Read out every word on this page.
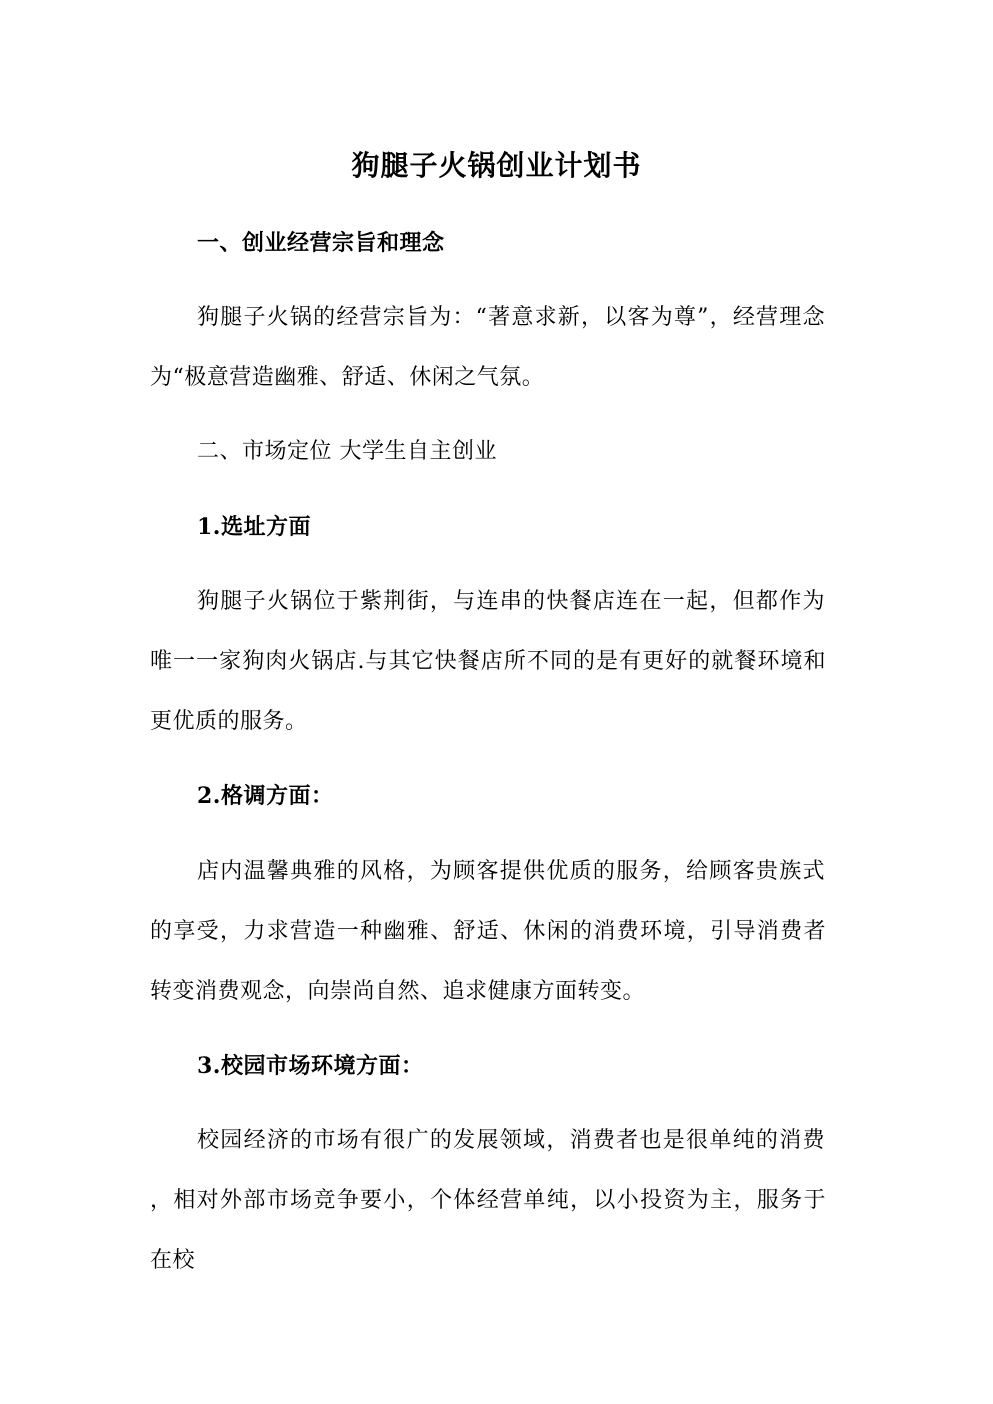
狗腿子火锅创业计划书
一、创业经营宗旨和理念
狗腿子火锅的经营宗旨为：“著意求新，以客为尊”，经营理念
为“极意营造幽雅、舒适、休闲之气氛。
二、市场定位 大学生自主创业
1.选址方面
狗腿子火锅位于紫荆街，与连串的快餐店连在一起，但都作为
唯一一家狗肉火锅店.与其它快餐店所不同的是有更好的就餐环境和
更优质的服务。
2.格调方面：
店内温馨典雅的风格，为顾客提供优质的服务，给顾客贵族式
的享受，力求营造一种幽雅、舒适、休闲的消费环境，引导消费者
转变消费观念，向崇尚自然、追求健康方面转变。
3.校园市场环境方面：
校园经济的市场有很广的发展领域，消费者也是很单纯的消费
，相对外部市场竞争要小，个体经营单纯，以小投资为主，服务于
在校
